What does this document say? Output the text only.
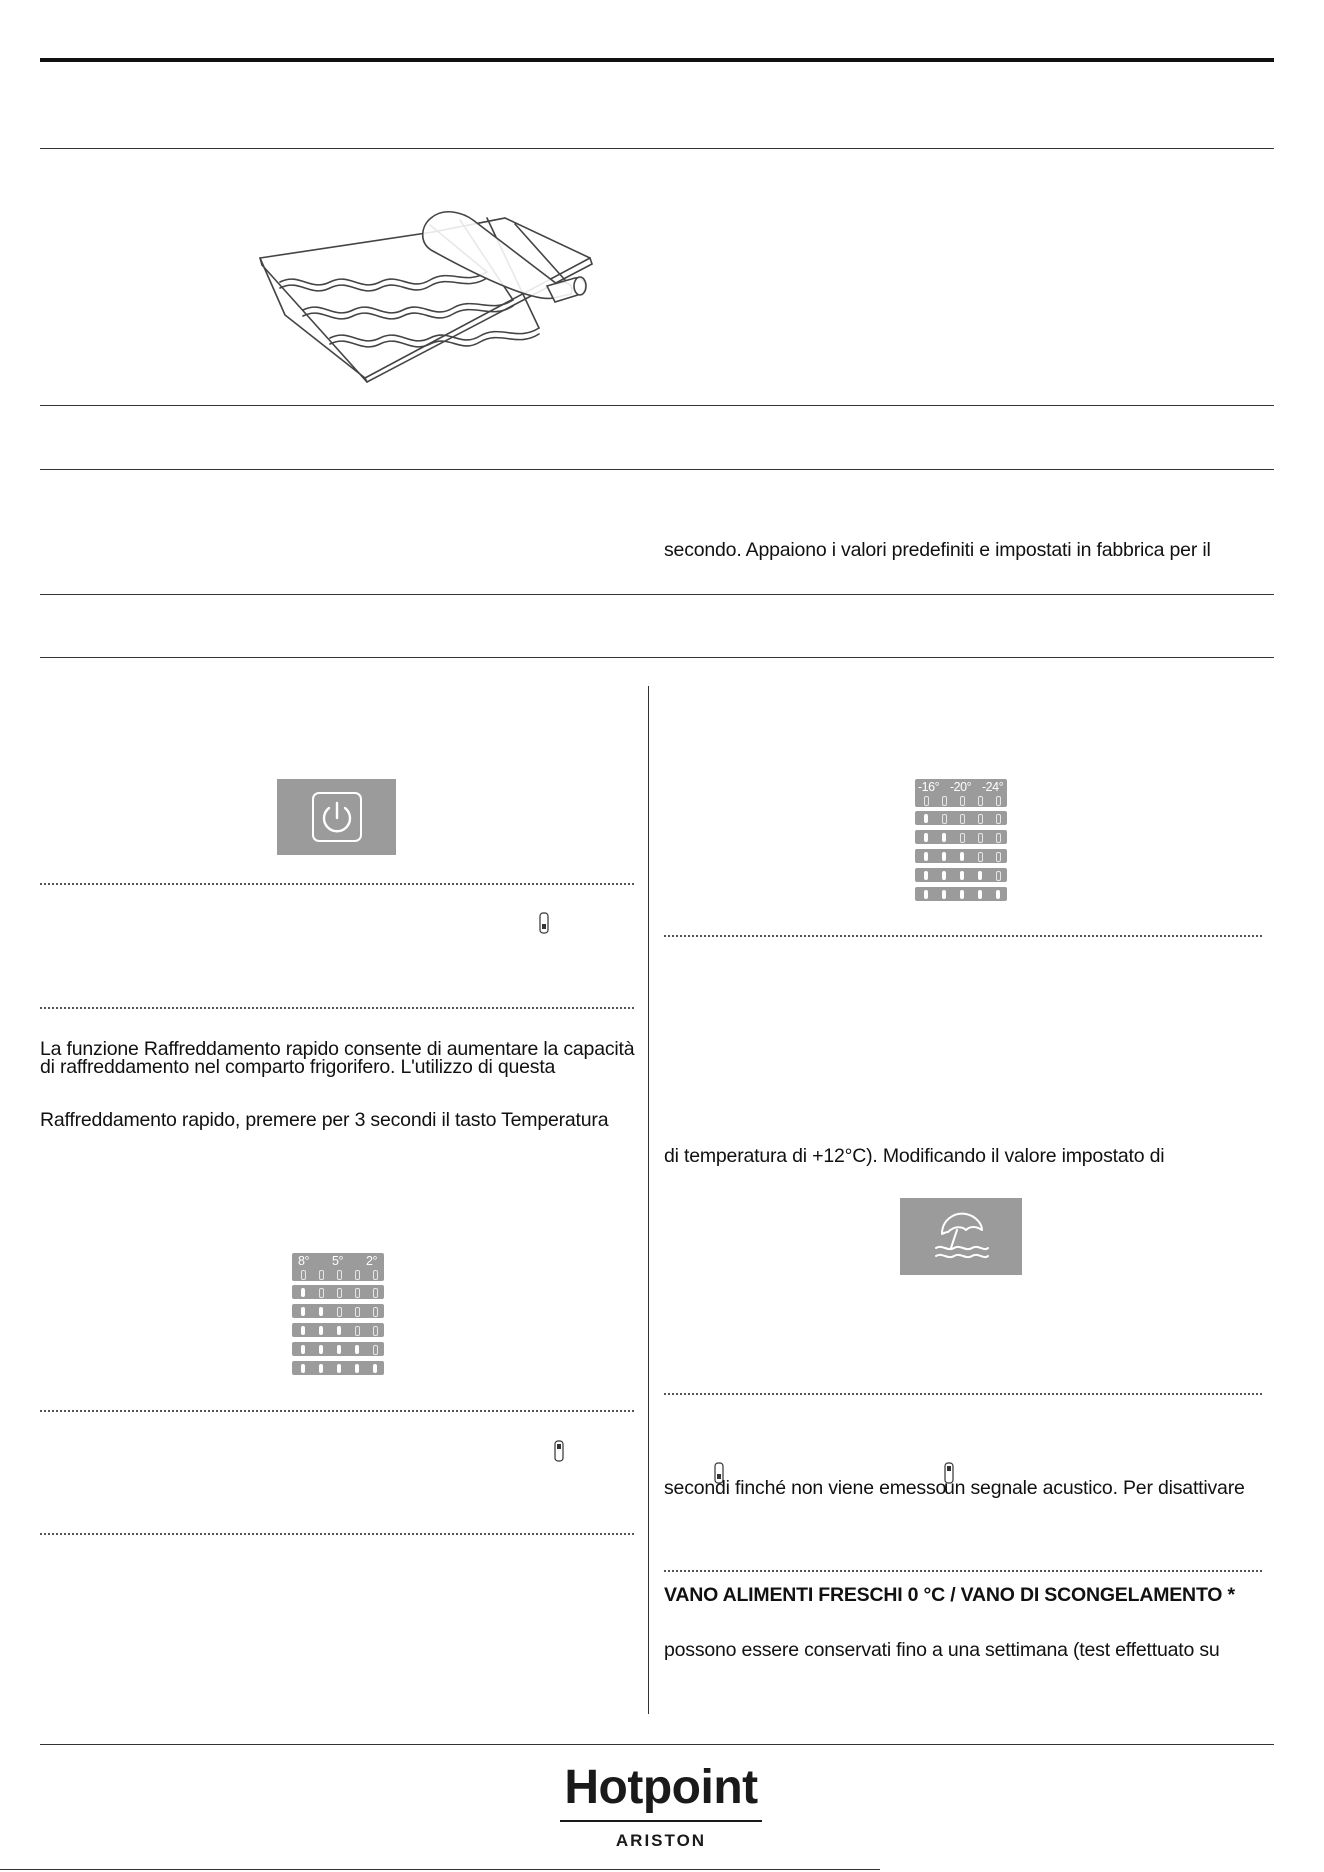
secondo. Appaiono i valori predefiniti e impostati in fabbrica per il
La funzione Raffreddamento rapido consente di aumentare la capacità
di raffreddamento nel comparto frigorifero. L'utilizzo di questa
Raffreddamento rapido, premere per 3 secondi il tasto Temperatura
8° 5° 2°
-16° -20° -24°
di temperatura di +12°C). Modificando il valore impostato di
secondi finché non viene emesso
un segnale acustico. Per disattivare
VANO ALIMENTI FRESCHI 0 °C / VANO DI SCONGELAMENTO *
possono essere conservati fino a una settimana (test effettuato su
Hotpoint
ARISTON
